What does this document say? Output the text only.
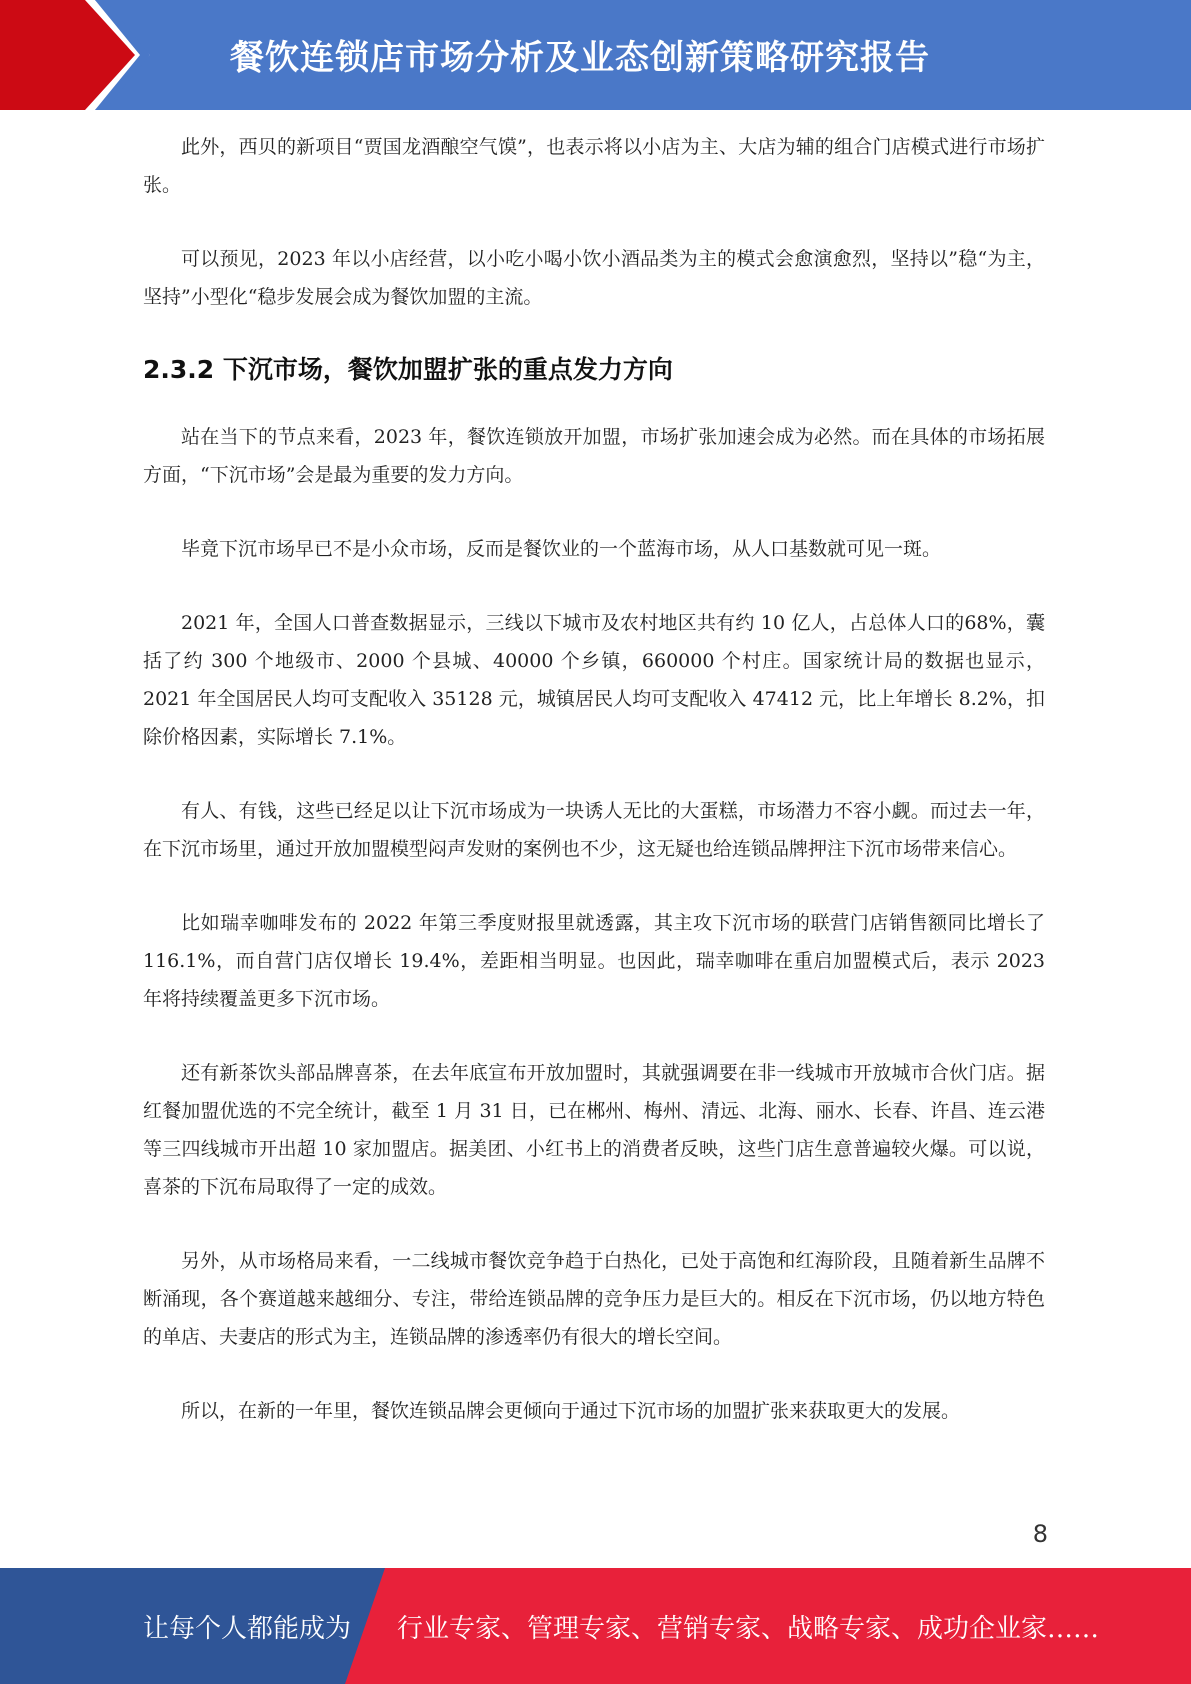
餐饮连锁店市场分析及业态创新策略研究报告

此外，西贝的新项目“贾国龙酒酿空气馍”，也表示将以小店为主、大店为辅的组合门店模式进行市场扩张。

可以预见，2023 年以小店经营，以小吃小喝小饮小酒品类为主的模式会愈演愈烈，坚持以”稳“为主，坚持”小型化“稳步发展会成为餐饮加盟的主流。

2.3.2 下沉市场，餐饮加盟扩张的重点发力方向

站在当下的节点来看，2023 年，餐饮连锁放开加盟，市场扩张加速会成为必然。而在具体的市场拓展方面，“下沉市场”会是最为重要的发力方向。

毕竟下沉市场早已不是小众市场，反而是餐饮业的一个蓝海市场，从人口基数就可见一斑。

2021 年，全国人口普查数据显示，三线以下城市及农村地区共有约 10 亿人，占总体人口的68%，囊括了约 300 个地级市、2000 个县城、40000 个乡镇，660000 个村庄。国家统计局的数据也显示，2021 年全国居民人均可支配收入 35128 元，城镇居民人均可支配收入 47412 元，比上年增长 8.2%，扣除价格因素，实际增长 7.1%。

有人、有钱，这些已经足以让下沉市场成为一块诱人无比的大蛋糕，市场潜力不容小觑。而过去一年，在下沉市场里，通过开放加盟模型闷声发财的案例也不少，这无疑也给连锁品牌押注下沉市场带来信心。

比如瑞幸咖啡发布的 2022 年第三季度财报里就透露，其主攻下沉市场的联营门店销售额同比增长了 116.1%，而自营门店仅增长 19.4%，差距相当明显。也因此，瑞幸咖啡在重启加盟模式后，表示 2023 年将持续覆盖更多下沉市场。

还有新茶饮头部品牌喜茶，在去年底宣布开放加盟时，其就强调要在非一线城市开放城市合伙门店。据红餐加盟优选的不完全统计，截至 1 月 31 日，已在郴州、梅州、清远、北海、丽水、长春、许昌、连云港等三四线城市开出超 10 家加盟店。据美团、小红书上的消费者反映，这些门店生意普遍较火爆。可以说，喜茶的下沉布局取得了一定的成效。

另外，从市场格局来看，一二线城市餐饮竞争趋于白热化，已处于高饱和红海阶段，且随着新生品牌不断涌现，各个赛道越来越细分、专注，带给连锁品牌的竞争压力是巨大的。相反在下沉市场，仍以地方特色的单店、夫妻店的形式为主，连锁品牌的渗透率仍有很大的增长空间。

所以，在新的一年里，餐饮连锁品牌会更倾向于通过下沉市场的加盟扩张来获取更大的发展。

8
让每个人都能成为 行业专家、管理专家、营销专家、战略专家、成功企业家……
